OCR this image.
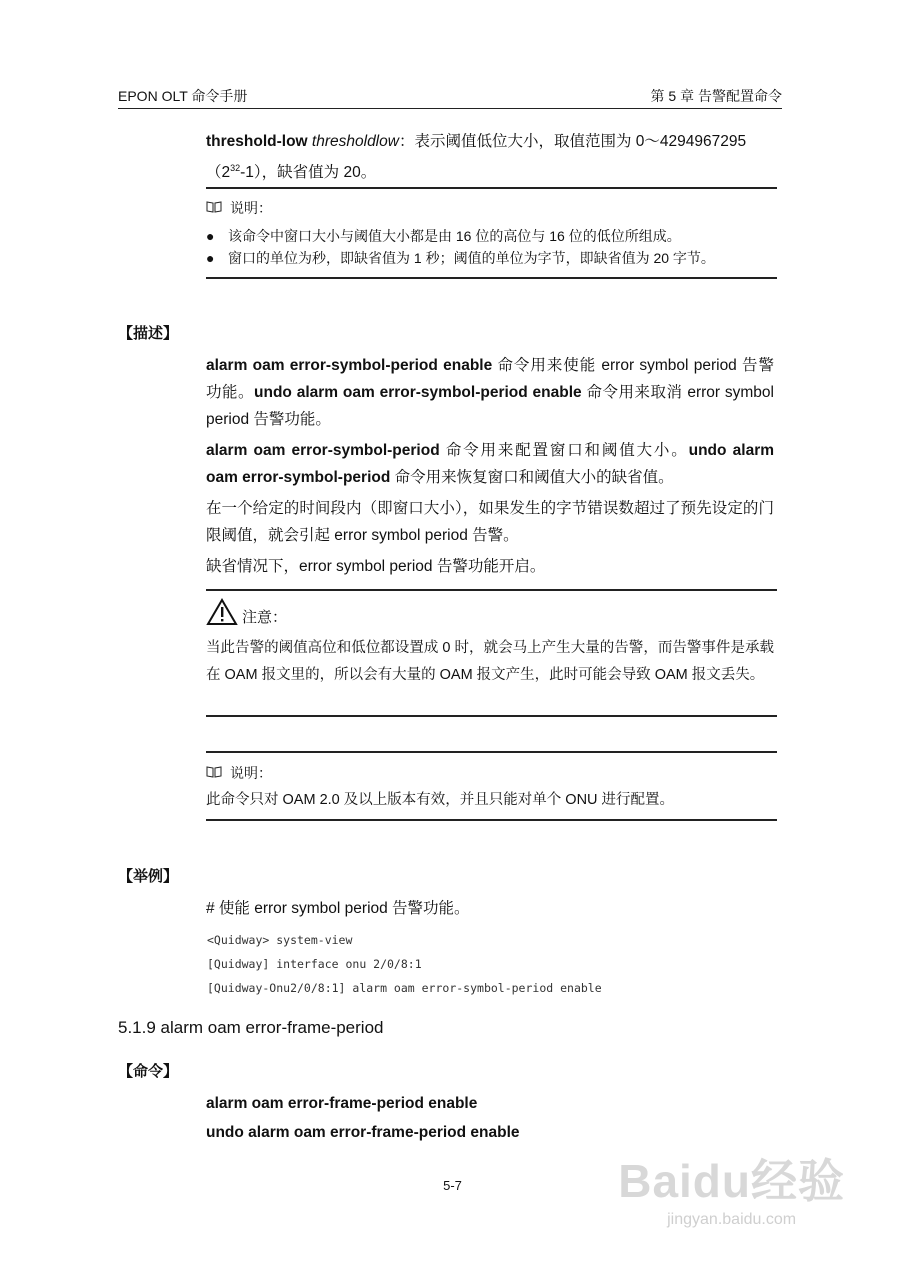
EPON OLT 命令手册	第 5 章 告警配置命令
threshold-low thresholdlow：表示阈值低位大小，取值范围为 0～4294967295
$(2^{32}-1)$，缺省值为 20。
说明：
● 该命令中窗口大小与阈值大小都是由 16 位的高位与 16 位的低位所组成。
● 窗口的单位为秒，即缺省值为 1 秒；阈值的单位为字节，即缺省值为 20 字节。
【描述】
alarm oam error-symbol-period enable 命令用来使能 error symbol period 告警功能。undo alarm oam error-symbol-period enable 命令用来取消 error symbol period 告警功能。
alarm oam error-symbol-period 命令用来配置窗口和阈值大小。undo alarm oam error-symbol-period 命令用来恢复窗口和阈值大小的缺省值。
在一个给定的时间段内（即窗口大小），如果发生的字节错误数超过了预先设定的门限阈值，就会引起 error symbol period 告警。
缺省情况下，error symbol period 告警功能开启。
注意：
当此告警的阈值高位和低位都设置成 0 时，就会马上产生大量的告警，而告警事件是承载在 OAM 报文里的，所以会有大量的 OAM 报文产生，此时可能会导致 OAM 报文丢失。
说明：
此命令只对 OAM 2.0 及以上版本有效，并且只能对单个 ONU 进行配置。
【举例】
# 使能 error symbol period 告警功能。
<Quidway> system-view
[Quidway] interface onu 2/0/8:1
[Quidway-Onu2/0/8:1] alarm oam error-symbol-period enable
5.1.9 alarm oam error-frame-period
【命令】
alarm oam error-frame-period enable
undo alarm oam error-frame-period enable
5-7	Baidu经验
jingyan.baidu.com
